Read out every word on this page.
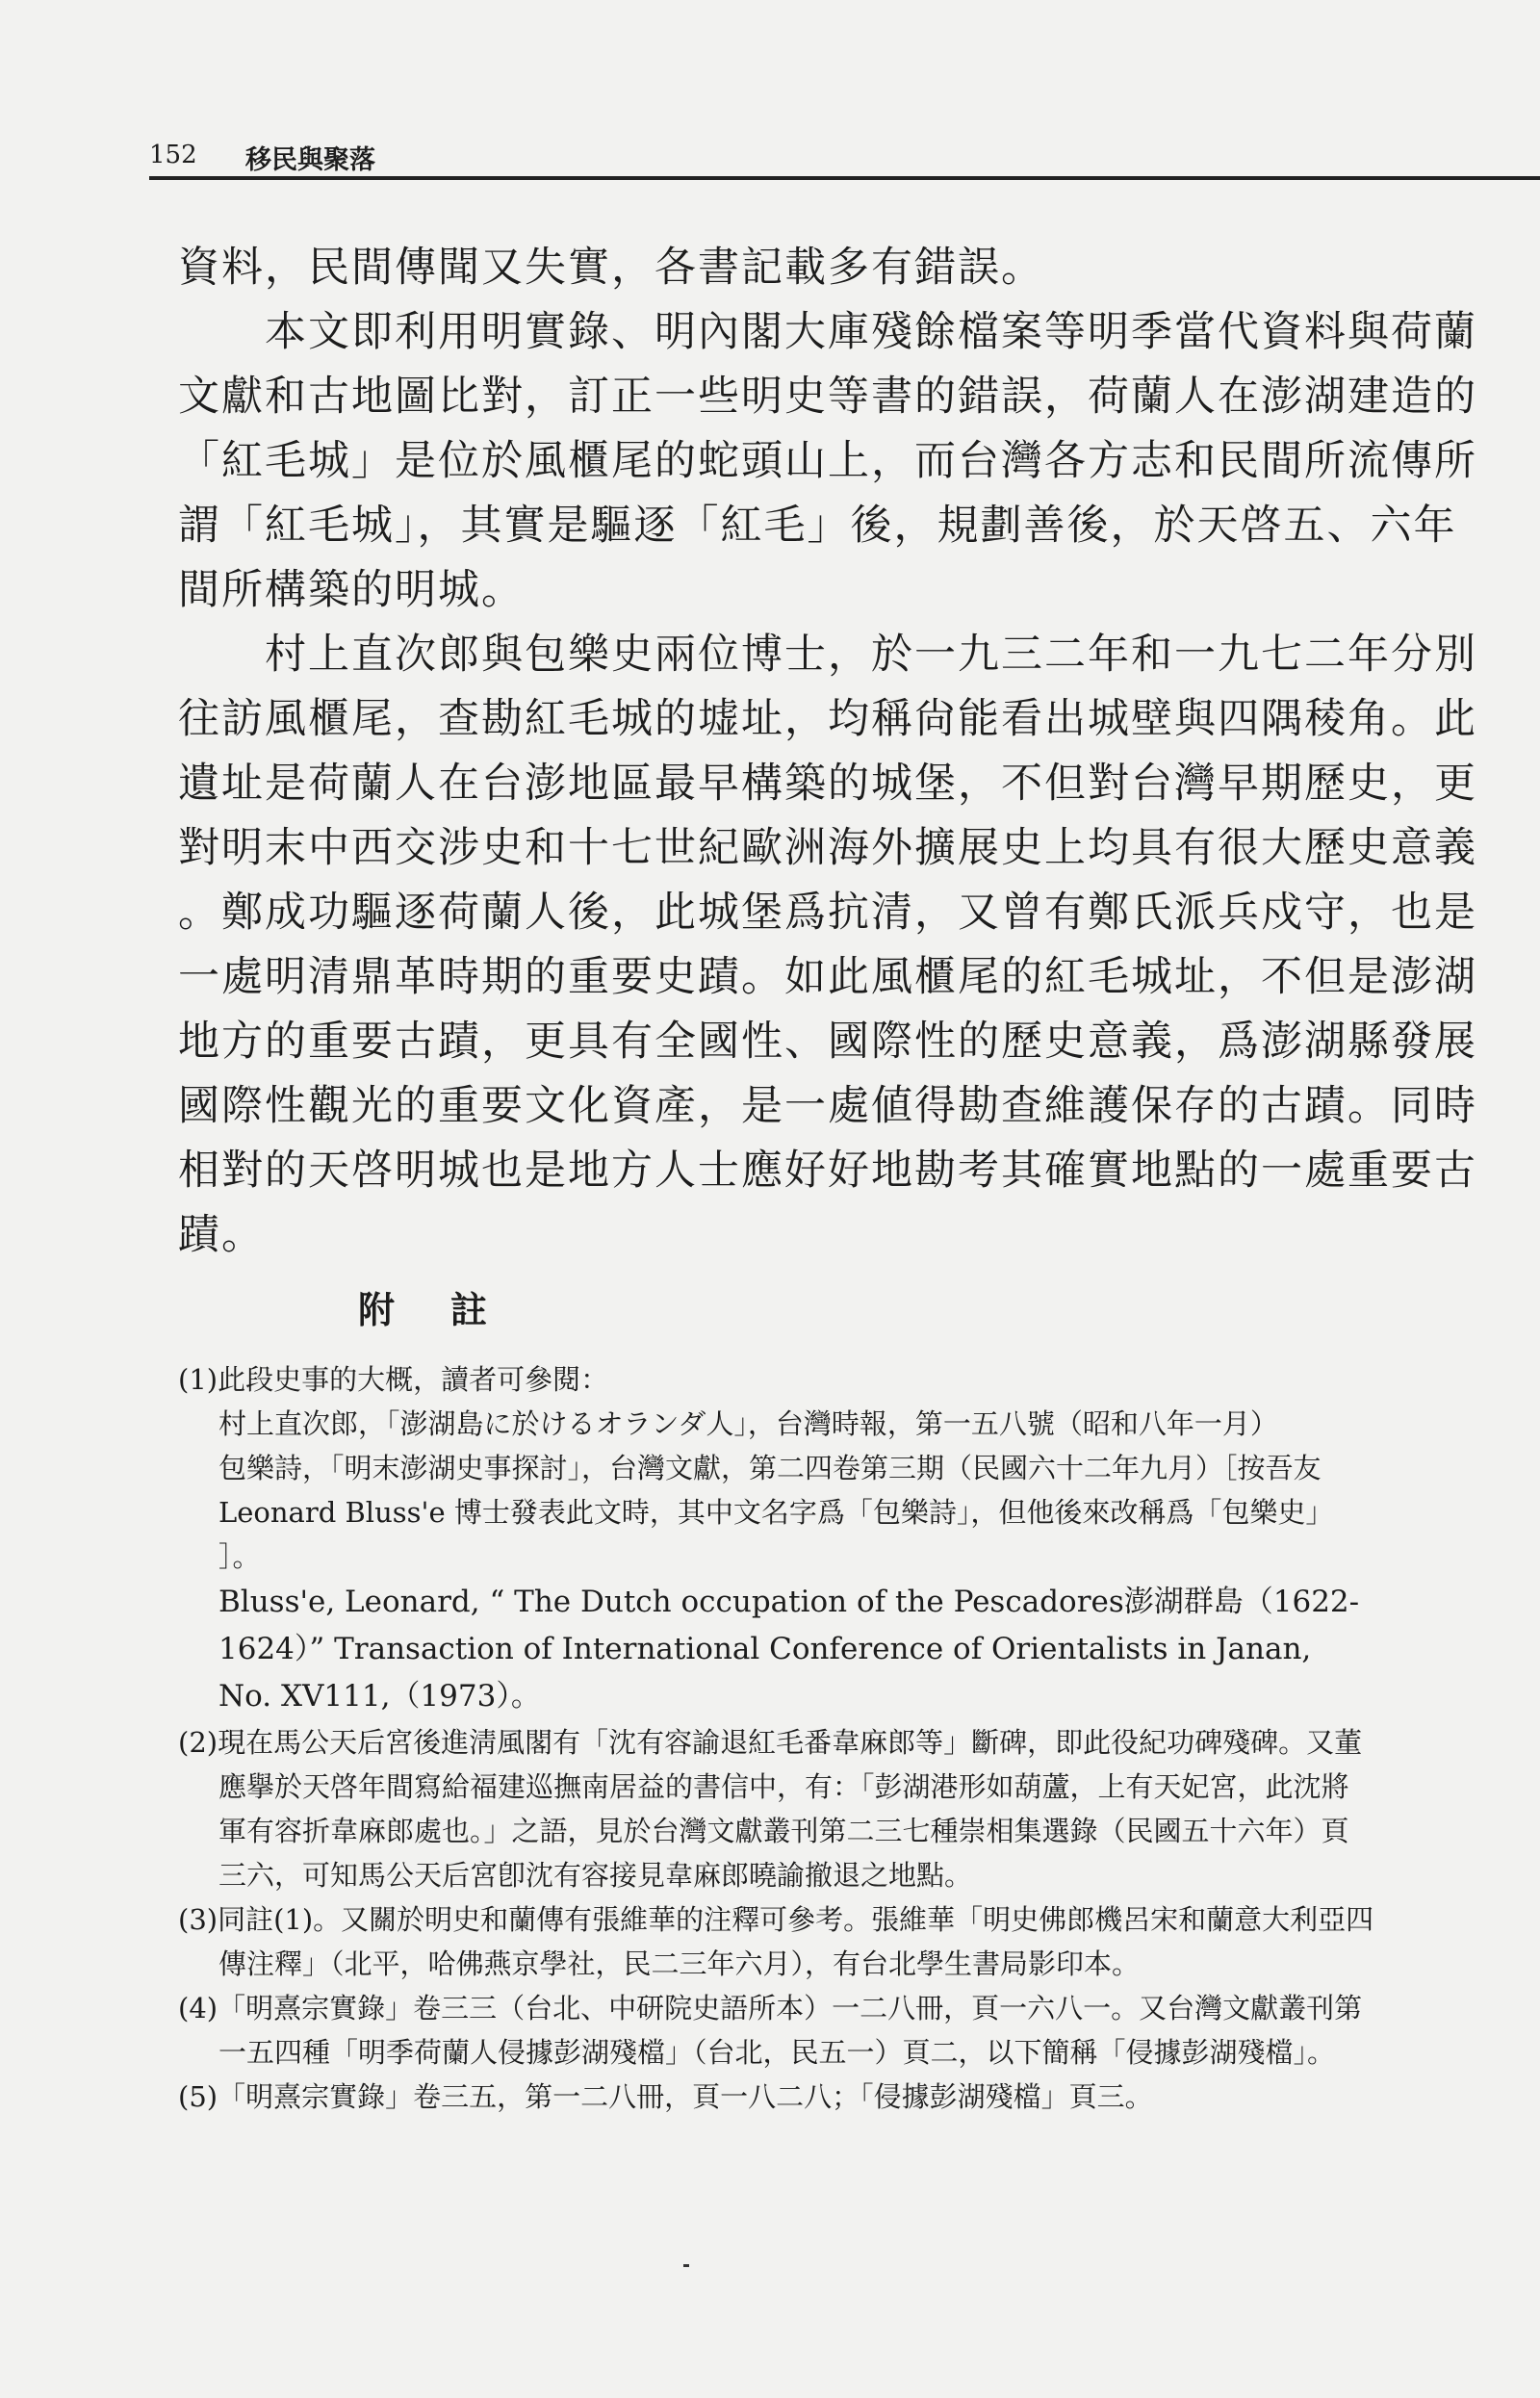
152 移民與聚落

資料，民間傳聞又失實，各書記載多有錯誤。

　　本文即利用明實錄、明內閣大庫殘餘檔案等明季當代資料與荷蘭

文獻和古地圖比對，訂正一些明史等書的錯誤，荷蘭人在澎湖建造的

「紅毛城」是位於風櫃尾的蛇頭山上，而台灣各方志和民間所流傳所

謂「紅毛城」，其實是驅逐「紅毛」後，規劃善後，於天啓五、六年

間所構築的明城。

　　村上直次郎與包樂史兩位博士，於一九三二年和一九七二年分別

往訪風櫃尾，查勘紅毛城的墟址，均稱尙能看出城壁與四隅稜角。此

遺址是荷蘭人在台澎地區最早構築的城堡，不但對台灣早期歷史，更

對明末中西交涉史和十七世紀歐洲海外擴展史上均具有很大歷史意義

。鄭成功驅逐荷蘭人後，此城堡爲抗清，又曾有鄭氏派兵戍守，也是

一處明清鼎革時期的重要史蹟。如此風櫃尾的紅毛城址，不但是澎湖

地方的重要古蹟，更具有全國性、國際性的歷史意義，爲澎湖縣發展

國際性觀光的重要文化資產，是一處値得勘查維護保存的古蹟。同時

相對的天啓明城也是地方人士應好好地勘考其確實地點的一處重要古

蹟。

附註
(1)此段史事的大概，讀者可參閱：
村上直次郎，「澎湖島に於けるオランダ人」，台灣時報，第一五八號（昭和八年一月）
包樂詩，「明末澎湖史事探討」，台灣文獻，第二四卷第三期（民國六十二年九月）［按吾友
Leonard Bluss'e 博士發表此文時，其中文名字爲「包樂詩」，但他後來改稱爲「包樂史」
］。
Bluss'e, Leonard, “ The Dutch occupation of the Pescadores澎湖群島（1622-
1624）” Transaction of International Conference of Orientalists in Janan,
No. XV111,（1973）。
(2)現在馬公天后宮後進淸風閣有「沈有容諭退紅毛番韋麻郎等」斷碑，即此役紀功碑殘碑。又董
應擧於天啓年間寫給福建巡撫南居益的書信中，有：「彭湖港形如葫蘆，上有天妃宮，此沈將
軍有容折韋麻郎處也。」之語，見於台灣文獻叢刊第二三七種崇相集選錄（民國五十六年）頁
三六，可知馬公天后宮卽沈有容接見韋麻郎曉諭撤退之地點。
(3)同註(1)。又關於明史和蘭傳有張維華的注釋可參考。張維華「明史佛郎機呂宋和蘭意大利亞四
傳注釋」（北平，哈佛燕京學社，民二三年六月），有台北學生書局影印本。
(4)「明熹宗實錄」卷三三（台北、中研院史語所本）一二八冊，頁一六八一。又台灣文獻叢刊第
一五四種「明季荷蘭人侵據彭湖殘檔」（台北，民五一）頁二，以下簡稱「侵據彭湖殘檔」。
(5)「明熹宗實錄」卷三五，第一二八冊，頁一八二八；「侵據彭湖殘檔」頁三。
